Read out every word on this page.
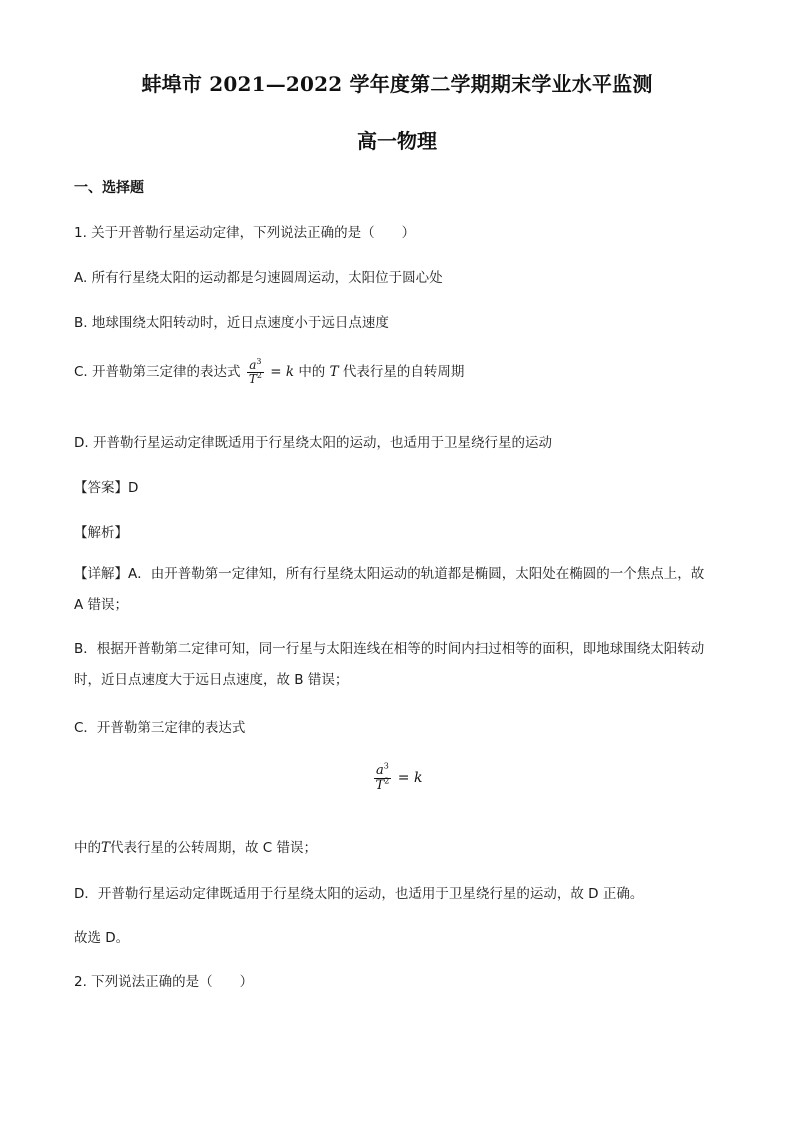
蚌埠市 2021—2022 学年度第二学期期末学业水平监测
高一物理
一、选择题
1. 关于开普勒行星运动定律，下列说法正确的是（　　）
A. 所有行星绕太阳的运动都是匀速圆周运动，太阳位于圆心处
B. 地球围绕太阳转动时，近日点速度小于远日点速度
C. 开普勒第三定律的表达式 $\frac{a^3}{T^2} = k$ 中的 T 代表行星的自转周期
D. 开普勒行星运动定律既适用于行星绕太阳的运动，也适用于卫星绕行星的运动
【答案】D
【解析】
【详解】A．由开普勒第一定律知，所有行星绕太阳运动的轨道都是椭圆，太阳处在椭圆的一个焦点上，故 A 错误；
B．根据开普勒第二定律可知，同一行星与太阳连线在相等的时间内扫过相等的面积，即地球围绕太阳转动时，近日点速度大于远日点速度，故 B 错误；
C．开普勒第三定律的表达式
$\frac{a^3}{T^2} = k$
中的T代表行星的公转周期，故 C 错误；
D．开普勒行星运动定律既适用于行星绕太阳的运动，也适用于卫星绕行星的运动，故 D 正确。
故选 D。
2. 下列说法正确的是（　　）
